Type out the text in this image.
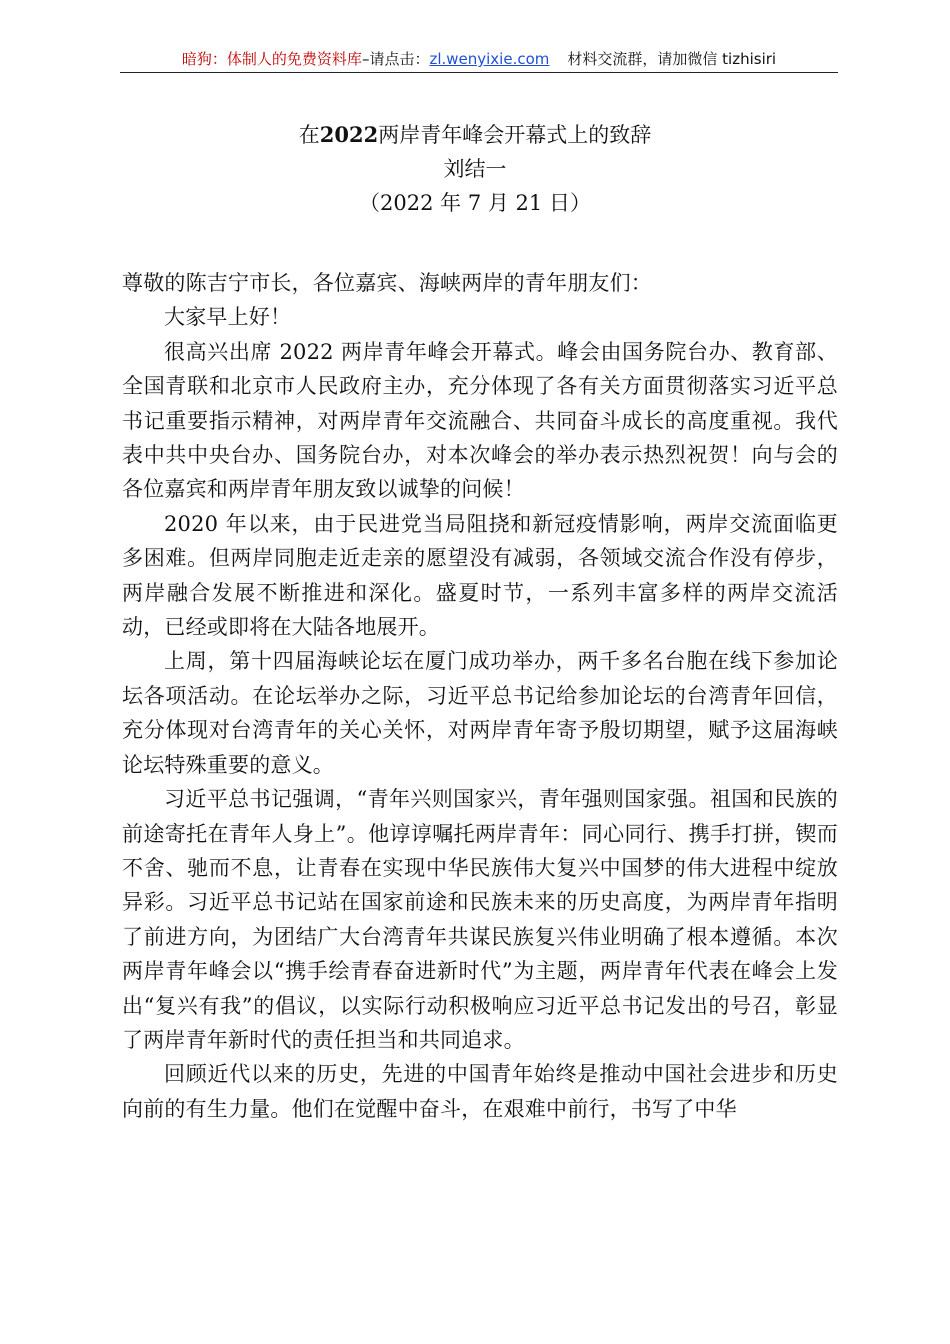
暗狗：体制人的免费资料库–请点击：zl.wenyixie.com 材料交流群，请加微信 tizhisiri
在2022两岸青年峰会开幕式上的致辞
刘结一
（2022 年 7 月 21 日）

尊敬的陈吉宁市长，各位嘉宾、海峡两岸的青年朋友们：

大家早上好！

很高兴出席 2022 两岸青年峰会开幕式。峰会由国务院台办、教育部、全国青联和北京市人民政府主办，充分体现了各有关方面贯彻落实习近平总书记重要指示精神，对两岸青年交流融合、共同奋斗成长的高度重视。我代表中共中央台办、国务院台办，对本次峰会的举办表示热烈祝贺！向与会的各位嘉宾和两岸青年朋友致以诚挚的问候！

2020 年以来，由于民进党当局阻挠和新冠疫情影响，两岸交流面临更多困难。但两岸同胞走近走亲的愿望没有减弱，各领域交流合作没有停步，两岸融合发展不断推进和深化。盛夏时节，一系列丰富多样的两岸交流活动，已经或即将在大陆各地展开。

上周，第十四届海峡论坛在厦门成功举办，两千多名台胞在线下参加论坛各项活动。在论坛举办之际，习近平总书记给参加论坛的台湾青年回信，充分体现对台湾青年的关心关怀，对两岸青年寄予殷切期望，赋予这届海峡论坛特殊重要的意义。

习近平总书记强调，“青年兴则国家兴，青年强则国家强。祖国和民族的前途寄托在青年人身上”。他谆谆嘱托两岸青年：同心同行、携手打拼，锲而不舍、驰而不息，让青春在实现中华民族伟大复兴中国梦的伟大进程中绽放异彩。习近平总书记站在国家前途和民族未来的历史高度，为两岸青年指明了前进方向，为团结广大台湾青年共谋民族复兴伟业明确了根本遵循。本次两岸青年峰会以“携手绘青春奋进新时代”为主题，两岸青年代表在峰会上发出“复兴有我”的倡议，以实际行动积极响应习近平总书记发出的号召，彰显了两岸青年新时代的责任担当和共同追求。

回顾近代以来的历史，先进的中国青年始终是推动中国社会进步和历史向前的有生力量。他们在觉醒中奋斗，在艰难中前行，书写了中华
